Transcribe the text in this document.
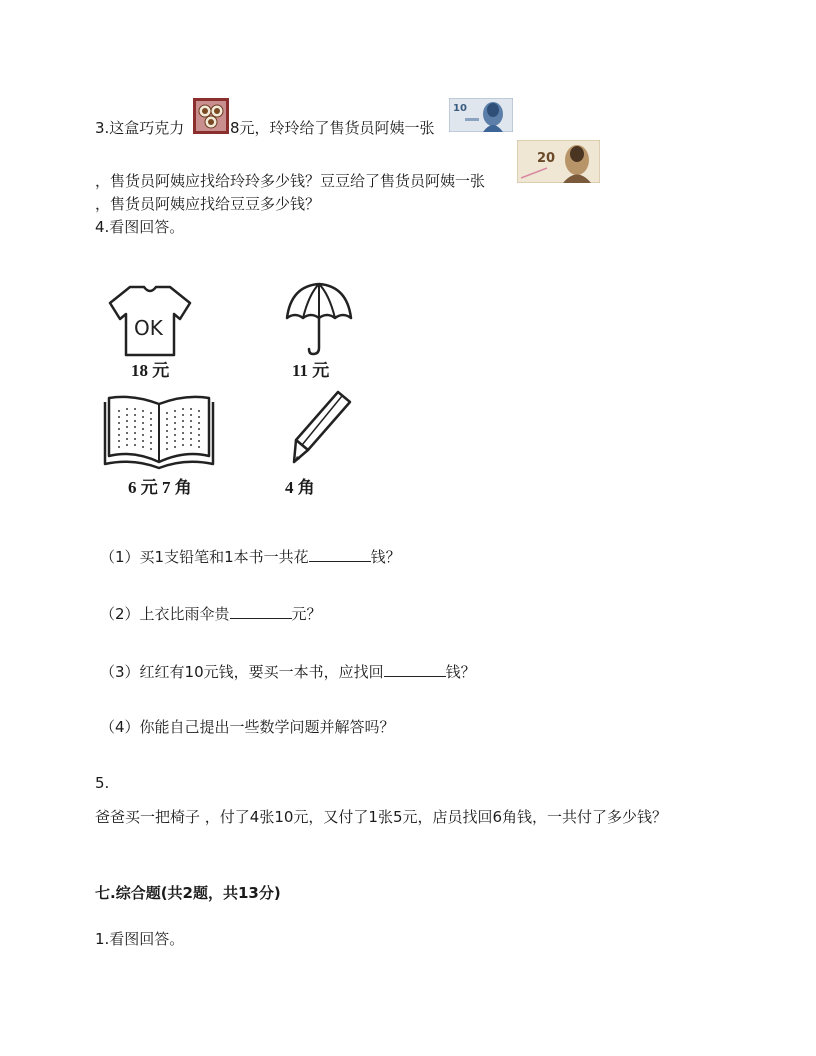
3.这盒巧克力	8元，玲玲给了售货员阿姨一张
10
，售货员阿姨应找给玲玲多少钱？豆豆给了售货员阿姨一张
20
，售货员阿姨应找给豆豆多少钱？
4.看图回答。
OK
18 元	11 元
6 元 7 角	4 角
（1）买1支铅笔和1本书一共花	钱？
（2）上衣比雨伞贵	元？
（3）红红有10元钱，要买一本书，应找回	钱？
（4）你能自己提出一些数学问题并解答吗？
5.
爸爸买一把椅子 ，付了4张10元，又付了1张5元，店员找回6角钱，一共付了多少钱？
七.综合题(共2题，共13分)
1.看图回答。
